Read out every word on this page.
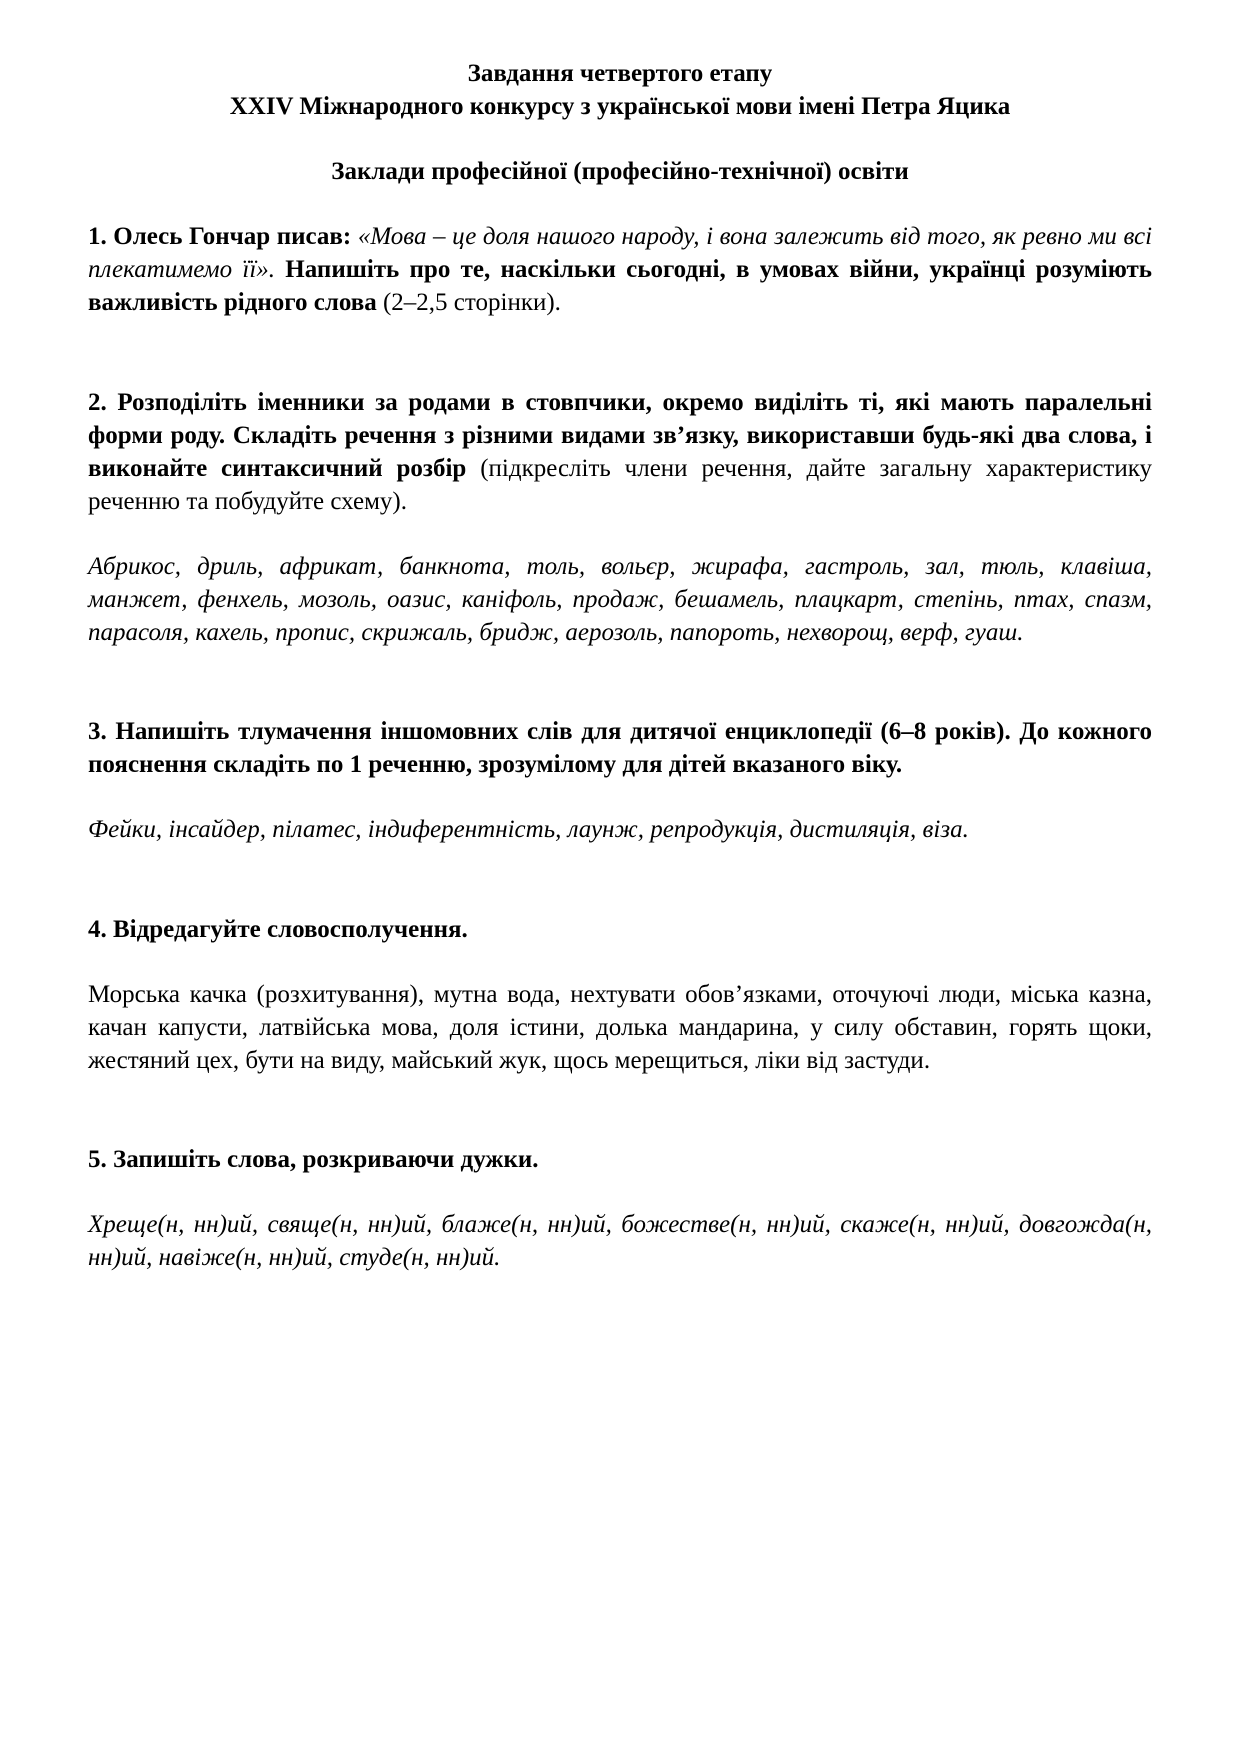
Завдання четвертого етапу

XXIV Міжнародного конкурсу з української мови імені Петра Яцика

Заклади професійної (професійно-технічної) освіти

1. Олесь Гончар писав: «Мова – це доля нашого народу, і вона залежить від того, як ревно ми всі плекатимемо її». Напишіть про те, наскільки сьогодні, в умовах війни, українці розуміють важливість рідного слова (2–2,5 сторінки).

2. Розподіліть іменники за родами в стовпчики, окремо виділіть ті, які мають паралельні форми роду. Складіть речення з різними видами зв’язку, використавши будь-які два слова, і виконайте синтаксичний розбір (підкресліть члени речення, дайте загальну характеристику реченню та побудуйте схему).

Абрикос, дриль, африкат, банкнота, толь, вольєр, жирафа, гастроль, зал, тюль, клавіша, манжет, фенхель, мозоль, оазис, каніфоль, продаж, бешамель, плацкарт, степінь, птах, спазм, парасоля, кахель, пропис, скрижаль, бридж, аерозоль, папороть, нехворощ, верф, гуаш.

3. Напишіть тлумачення іншомовних слів для дитячої енциклопедії (6–8 років). До кожного пояснення складіть по 1 реченню, зрозумілому для дітей вказаного віку.

Фейки, інсайдер, пілатес, індиферентність, лаунж, репродукція, дистиляція, віза.

4. Відредагуйте словосполучення.

Морська качка (розхитування), мутна вода, нехтувати обов’язками, оточуючі люди, міська казна, качан капусти, латвійська мова, доля істини, долька мандарина, у силу обставин, горять щоки, жестяний цех, бути на виду, майський жук, щось мерещиться, ліки від застуди.

5. Запишіть слова, розкриваючи дужки.

Хреще(н, нн)ий, свяще(н, нн)ий, блаже(н, нн)ий, божестве(н, нн)ий, скаже(н, нн)ий, довгожда(н, нн)ий, навіже(н, нн)ий, студе(н, нн)ий.
